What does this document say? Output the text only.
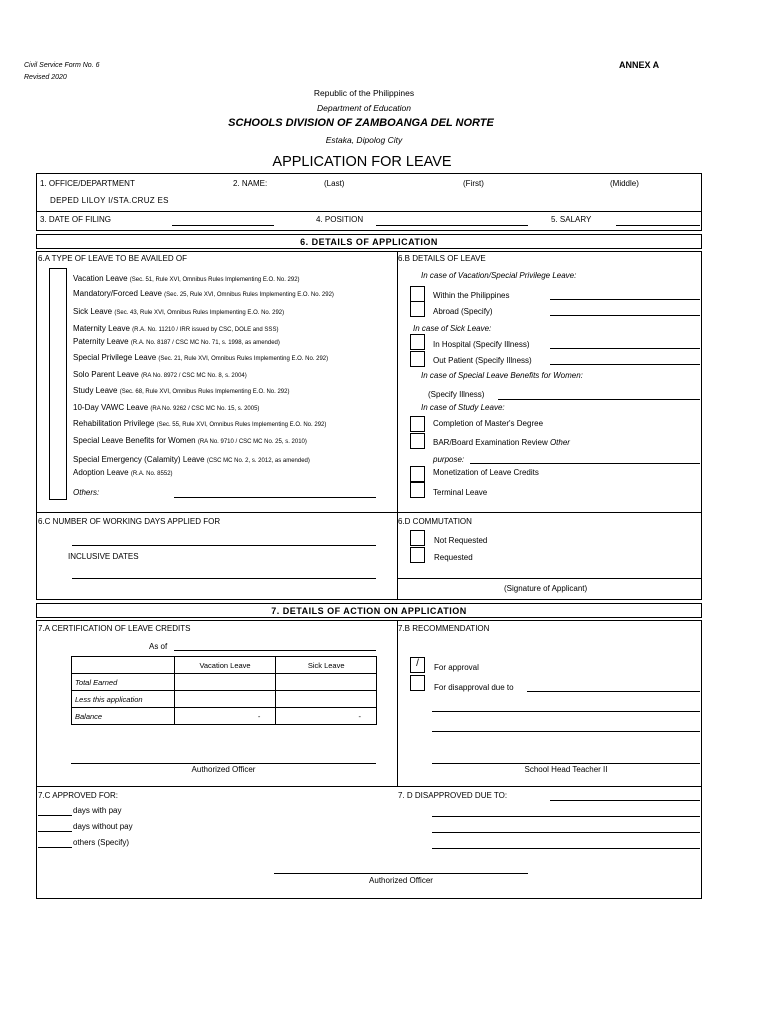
Civil Service Form No. 6
Revised 2020
ANNEX A
Republic of the Philippines
Department of Education
SCHOOLS DIVISION OF ZAMBOANGA DEL NORTE
Estaka, Dipolog City
APPLICATION FOR LEAVE
1. OFFICE/DEPARTMENT	2. NAME:	(Last)	(First)	(Middle)
DEPED LILOY I/STA.CRUZ ES
3. DATE OF FILING	4. POSITION	5. SALARY
6. DETAILS OF APPLICATION
6.A TYPE OF LEAVE TO BE AVAILED OF
Vacation Leave (Sec. 51, Rule XVI, Omnibus Rules Implementing E.O. No. 292)
Mandatory/Forced Leave (Sec. 25, Rule XVI, Omnibus Rules Implementing E.O. No. 292)
Sick Leave (Sec. 43, Rule XVI, Omnibus Rules Implementing E.O. No. 292)
Maternity Leave (R.A. No. 11210 / IRR issued by CSC, DOLE and SSS)
Paternity Leave (R.A. No. 8187 / CSC MC No. 71, s. 1998, as amended)
Special Privilege Leave (Sec. 21, Rule XVI, Omnibus Rules Implementing E.O. No. 292)
Solo Parent Leave (RA No. 8972 / CSC MC No. 8, s. 2004)
Study Leave (Sec. 68, Rule XVI, Omnibus Rules Implementing E.O. No. 292)
10-Day VAWC Leave (RA No. 9262 / CSC MC No. 15, s. 2005)
Rehabilitation Privilege (Sec. 55, Rule XVI, Omnibus Rules Implementing E.O. No. 292)
Special Leave Benefits for Women (RA No. 9710 / CSC MC No. 25, s. 2010)
Special Emergency (Calamity) Leave (CSC MC No. 2, s. 2012, as amended)
Adoption Leave (R.A. No. 8552)
Others:
6.B DETAILS OF LEAVE
In case of Vacation/Special Privilege Leave:
Within the Philippines
Abroad (Specify)
In case of Sick Leave:
In Hospital (Specify Illness)
Out Patient (Specify Illness)
In case of Special Leave Benefits for Women:
(Specify Illness)
In case of Study Leave:
Completion of Master's Degree
BAR/Board Examination Review Other
purpose:
Monetization of Leave Credits
Terminal Leave
6.C NUMBER OF WORKING DAYS APPLIED FOR
INCLUSIVE DATES
6.D COMMUTATION
Not Requested
Requested
(Signature of Applicant)
7. DETAILS OF ACTION ON APPLICATION
7.A CERTIFICATION OF LEAVE CREDITS
As of
	Vacation Leave	Sick Leave
Total Earned		
Less this application		
Balance	-	-
Authorized Officer
7.B RECOMMENDATION
/	For approval
For disapproval due to
School Head Teacher II
7.C APPROVED FOR:
days with pay
days without pay
others (Specify)
7. D DISAPPROVED DUE TO:
Authorized Officer
